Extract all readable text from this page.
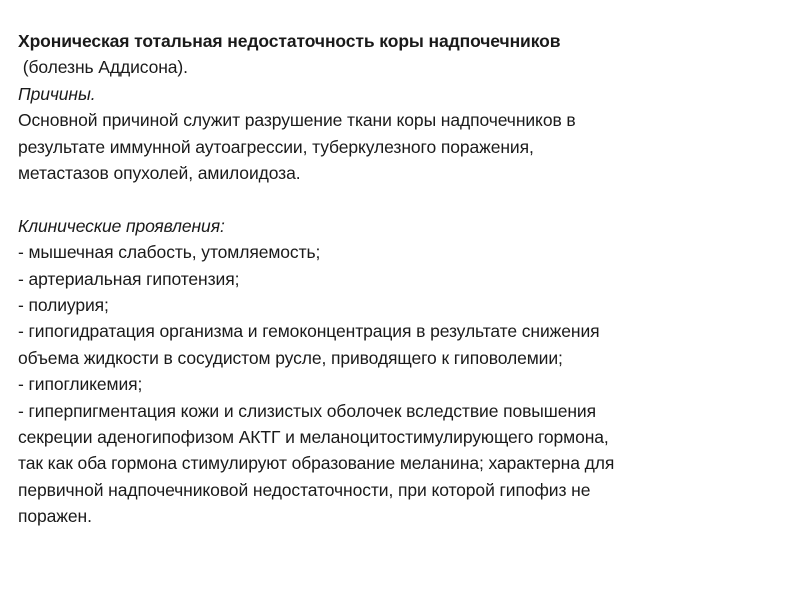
Хроническая тотальная недостаточность коры надпочечников
(болезнь Аддисона).
Причины.
Основной причиной служит разрушение ткани коры надпочечников в
результате иммунной аутоагрессии, туберкулезного поражения,
метастазов опухолей, амилоидоза.
Клинические проявления:
- мышечная слабость, утомляемость;
- артериальная гипотензия;
- полиурия;
- гипогидратация организма и гемоконцентрация в результате снижения
объема жидкости в сосудистом русле, приводящего к гиповолемии;
- гипогликемия;
- гиперпигментация кожи и слизистых оболочек вследствие повышения
секреции аденогипофизом АКТГ и меланоцитостимулирующего гормона,
так как оба гормона стимулируют образование меланина; характерна для
первичной надпочечниковой недостаточности, при которой гипофиз не
поражен.
